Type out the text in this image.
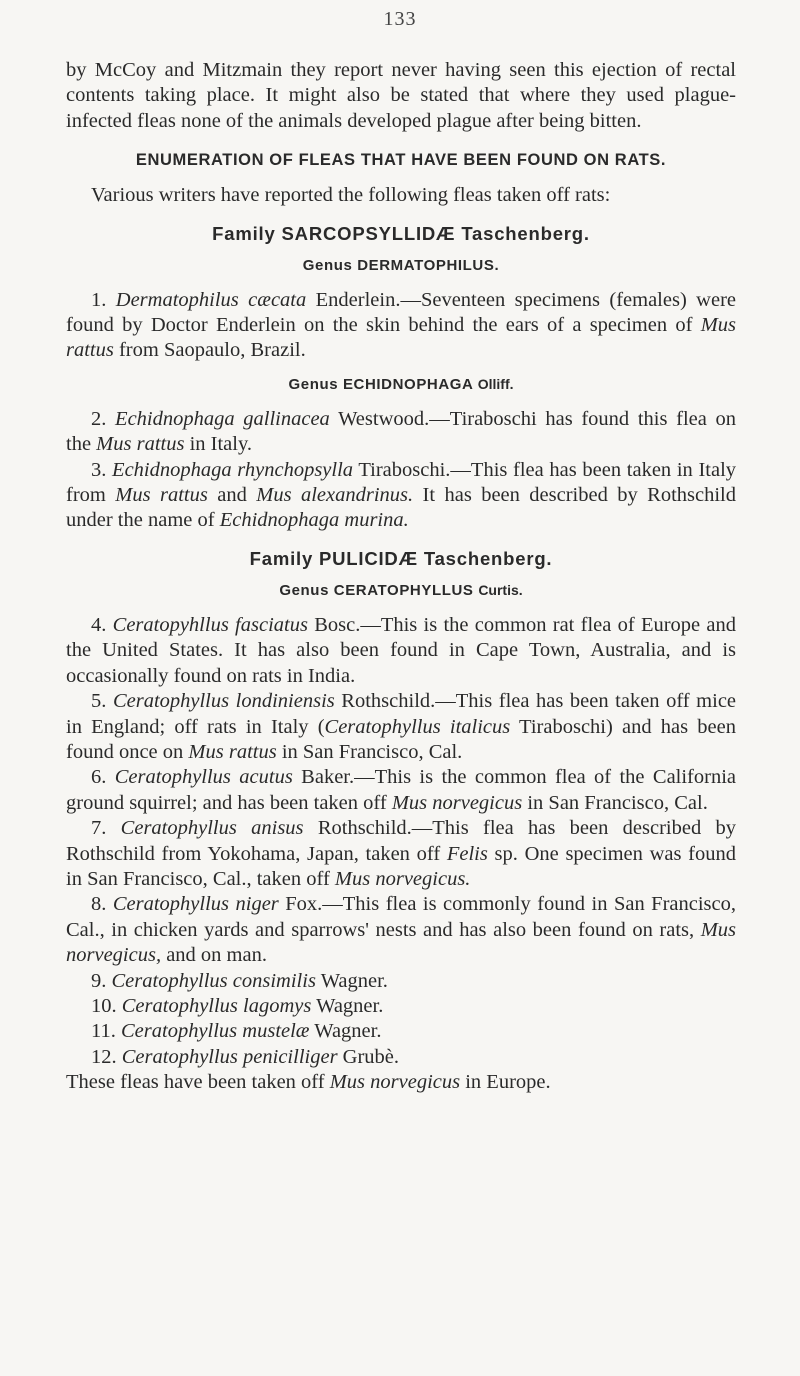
133

by McCoy and Mitzmain they report never having seen this ejection of rectal contents taking place. It might also be stated that where they used plague-infected fleas none of the animals developed plague after being bitten.

ENUMERATION OF FLEAS THAT HAVE BEEN FOUND ON RATS.

Various writers have reported the following fleas taken off rats:

Family SARCOPSYLLIDÆ Taschenberg.
Genus DERMATOPHILUS.

1. Dermatophilus cæcata Enderlein.—Seventeen specimens (females) were found by Doctor Enderlein on the skin behind the ears of a specimen of Mus rattus from Saopaulo, Brazil.

Genus ECHIDNOPHAGA Olliff.

2. Echidnophaga gallinacea Westwood.—Tiraboschi has found this flea on the Mus rattus in Italy.

3. Echidnophaga rhynchopsylla Tiraboschi.—This flea has been taken in Italy from Mus rattus and Mus alexandrinus. It has been described by Rothschild under the name of Echidnophaga murina.

Family PULICIDÆ Taschenberg.
Genus CERATOPHYLLUS Curtis.

4. Ceratopyhllus fasciatus Bosc.—This is the common rat flea of Europe and the United States. It has also been found in Cape Town, Australia, and is occasionally found on rats in India.

5. Ceratophyllus londiniensis Rothschild.—This flea has been taken off mice in England; off rats in Italy (Ceratophyllus italicus Tiraboschi) and has been found once on Mus rattus in San Francisco, Cal.

6. Ceratophyllus acutus Baker.—This is the common flea of the California ground squirrel; and has been taken off Mus norvegicus in San Francisco, Cal.

7. Ceratophyllus anisus Rothschild.—This flea has been described by Rothschild from Yokohama, Japan, taken off Felis sp. One specimen was found in San Francisco, Cal., taken off Mus norvegicus.

8. Ceratophyllus niger Fox.—This flea is commonly found in San Francisco, Cal., in chicken yards and sparrows' nests and has also been found on rats, Mus norvegicus, and on man.

9. Ceratophyllus consimilis Wagner.

10. Ceratophyllus lagomys Wagner.

11. Ceratophyllus mustelæ Wagner.

12. Ceratophyllus penicilliger Grubè.

These fleas have been taken off Mus norvegicus in Europe.
